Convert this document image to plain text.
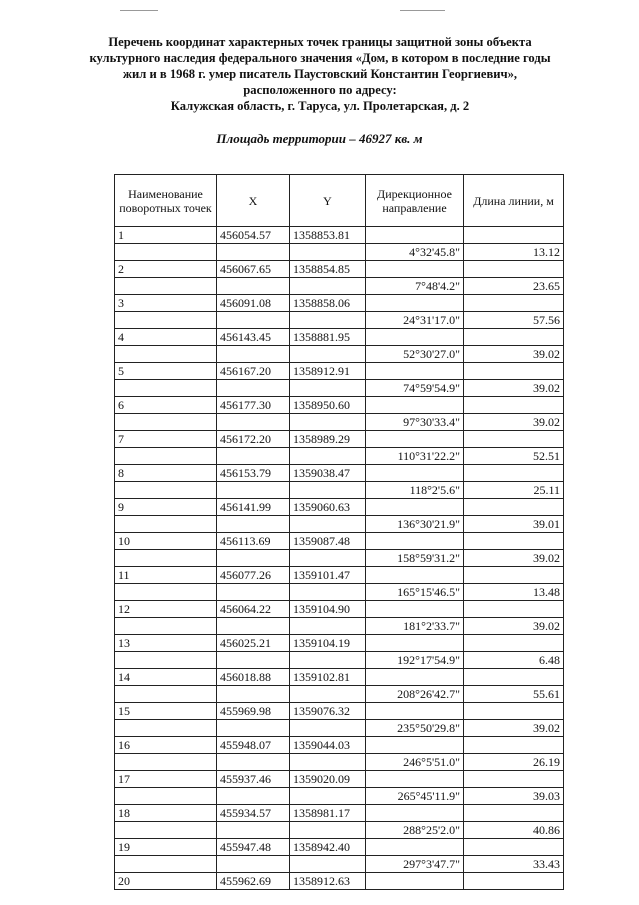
Перечень координат характерных точек границы защитной зоны объекта
культурного наследия федерального значения «Дом, в котором в последние годы
жил и в 1968 г. умер писатель Паустовский Константин Георгиевич»,
расположенного по адресу:
Калужская область, г. Таруса, ул. Пролетарская, д. 2
Площадь территории – 46927 кв. м
Наименование поворотных точек	X	Y	Дирекционное направление	Длина линии, м
1	456054.57	1358853.81		
			4°32'45.8"	13.12
2	456067.65	1358854.85		
			7°48'4.2"	23.65
3	456091.08	1358858.06		
			24°31'17.0"	57.56
4	456143.45	1358881.95		
			52°30'27.0"	39.02
5	456167.20	1358912.91		
			74°59'54.9"	39.02
6	456177.30	1358950.60		
			97°30'33.4"	39.02
7	456172.20	1358989.29		
			110°31'22.2"	52.51
8	456153.79	1359038.47		
			118°2'5.6"	25.11
9	456141.99	1359060.63		
			136°30'21.9"	39.01
10	456113.69	1359087.48		
			158°59'31.2"	39.02
11	456077.26	1359101.47		
			165°15'46.5"	13.48
12	456064.22	1359104.90		
			181°2'33.7"	39.02
13	456025.21	1359104.19		
			192°17'54.9"	6.48
14	456018.88	1359102.81		
			208°26'42.7"	55.61
15	455969.98	1359076.32		
			235°50'29.8"	39.02
16	455948.07	1359044.03		
			246°5'51.0"	26.19
17	455937.46	1359020.09		
			265°45'11.9"	39.03
18	455934.57	1358981.17		
			288°25'2.0"	40.86
19	455947.48	1358942.40		
			297°3'47.7"	33.43
20	455962.69	1358912.63		
